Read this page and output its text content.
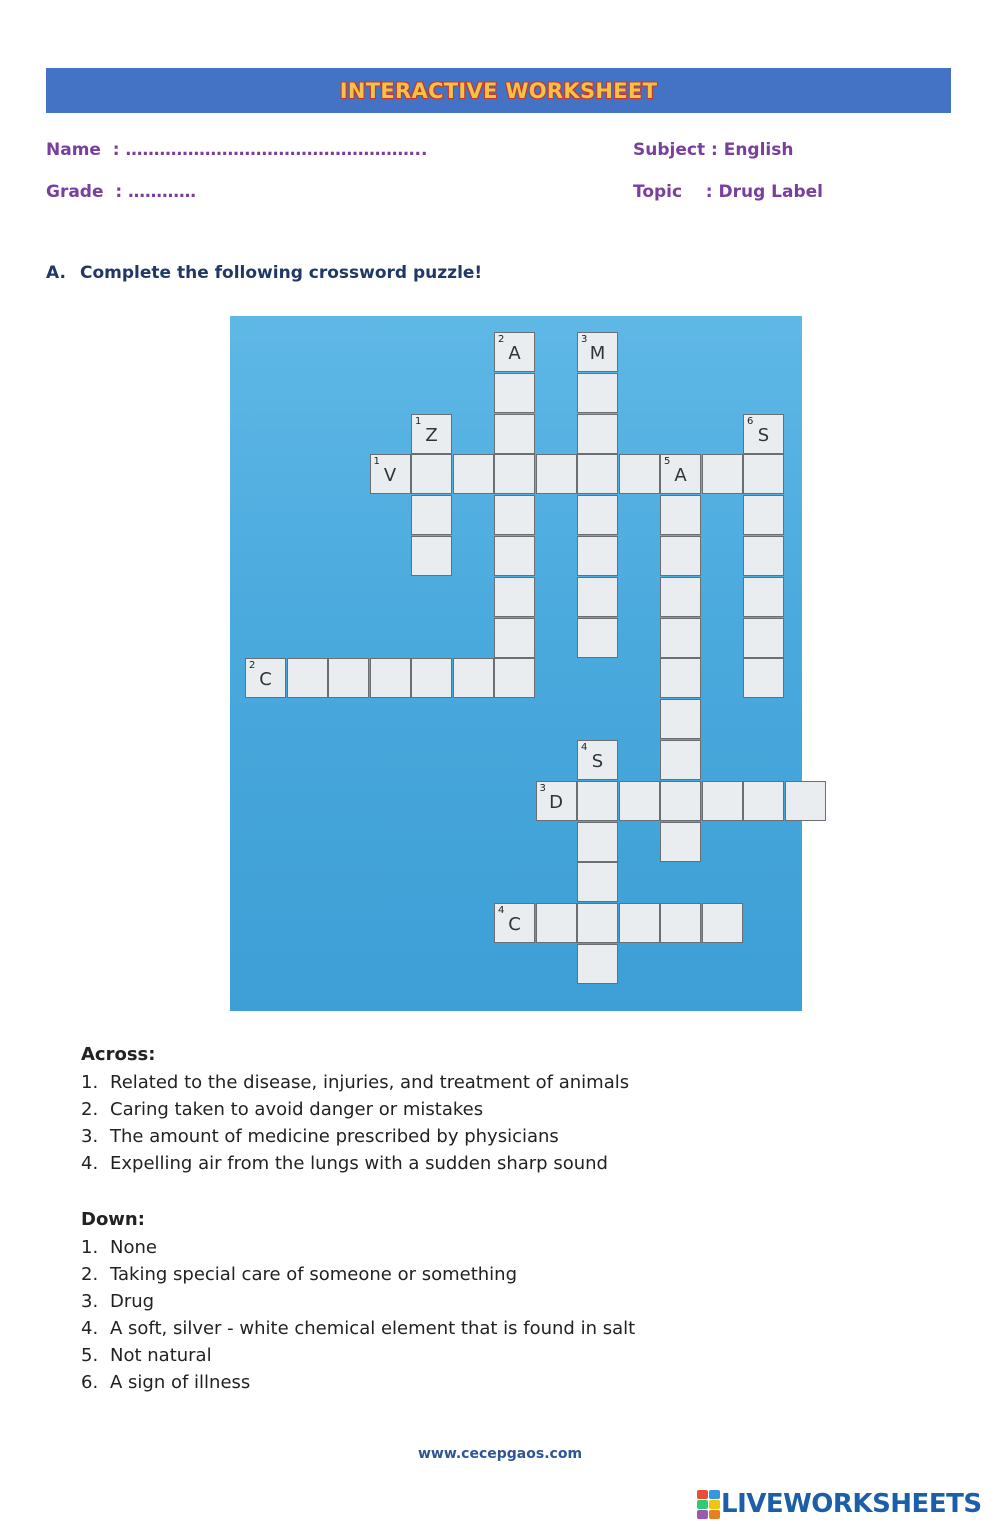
INTERACTIVE WORKSHEET
Name  : ……………………………………………..
Grade  : …………
Subject : English
Topic    : Drug Label
A. Complete the following crossword puzzle!
2
A
3
M
1
Z
6
S
5
A
4
S
1
V
2
C
3
D
4
C
Across:
1. Related to the disease, injuries, and treatment of animals
2. Caring taken to avoid danger or mistakes
3. The amount of medicine prescribed by physicians
4. Expelling air from the lungs with a sudden sharp sound
Down:
1. None
2. Taking special care of someone or something
3. Drug
4. A soft, silver - white chemical element that is found in salt
5. Not natural
6. A sign of illness
www.cecepgaos.com
LIVEWORKSHEETS
